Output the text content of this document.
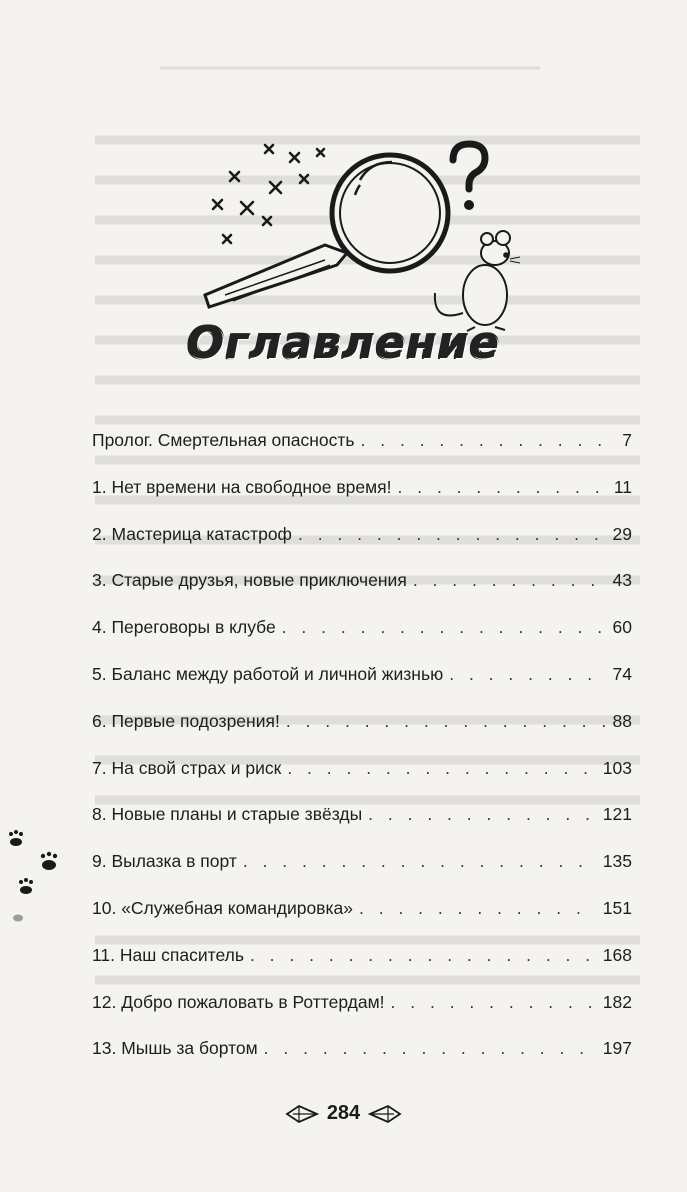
Оглавление
Пролог. Смертельная опасность . . .	7
1. Нет времени на свободное время! . . .	11
2. Мастерица катастроф . . .	29
3. Старые друзья, новые приключения . . .	43
4. Переговоры в клубе . . .	60
5. Баланс между работой и личной жизнью . . .	74
6. Первые подозрения! . . .	88
7. На свой страх и риск . . .	103
8. Новые планы и старые звёзды . . .	121
9. Вылазка в порт . . .	135
10. «Служебная командировка» . . .	151
11. Наш спаситель . . .	168
12. Добро пожаловать в Роттердам! . . .	182
13. Мышь за бортом . . .	197
284
